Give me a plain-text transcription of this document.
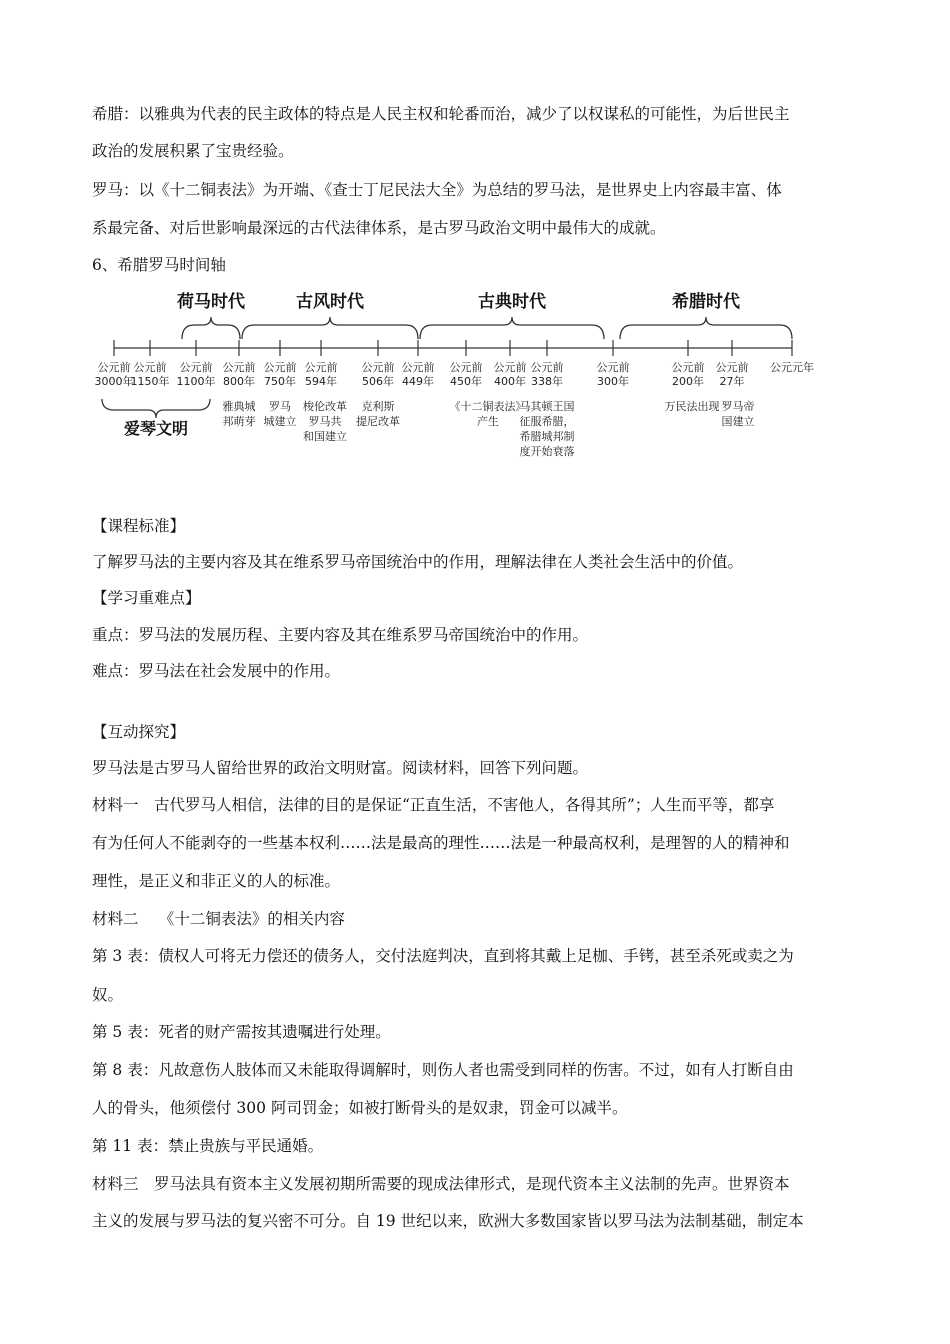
希腊：以雅典为代表的民主政体的特点是人民主权和轮番而治，减少了以权谋私的可能性，为后世民主
政治的发展积累了宝贵经验。
罗马：以《十二铜表法》为开端、《查士丁尼民法大全》为总结的罗马法，是世界史上内容最丰富、体
系最完备、对后世影响最深远的古代法律体系，是古罗马政治文明中最伟大的成就。
6、希腊罗马时间轴
荷马时代	古风时代	古典时代	希腊时代
公元前
3000年
公元前
1150年
公元前
1100年
公元前
800年
公元前
750年
公元前
594年
公元前
506年
公元前
449年
公元前
450年
公元前
400年
公元前
338年
公元前
300年
公元前
200年
公元前
27年
公元元年
爱琴文明
雅典城
邦萌芽
罗马
城建立
梭伦改革
罗马共
和国建立
克利斯
提尼改革
《十二铜表法》
产生
马其顿王国
征服希腊，
希腊城邦制
度开始衰落
万民法出现 罗马帝
国建立
【课程标准】
了解罗马法的主要内容及其在维系罗马帝国统治中的作用，理解法律在人类社会生活中的价值。
【学习重难点】
重点：罗马法的发展历程、主要内容及其在维系罗马帝国统治中的作用。
难点：罗马法在社会发展中的作用。
【互动探究】
罗马法是古罗马人留给世界的政治文明财富。阅读材料，回答下列问题。
材料一　古代罗马人相信，法律的目的是保证“正直生活，不害他人，各得其所”；人生而平等，都享
有为任何人不能剥夺的一些基本权利……法是最高的理性……法是一种最高权利，是理智的人的精神和
理性，是正义和非正义的人的标准。
材料二　 《十二铜表法》的相关内容
第 3 表：债权人可将无力偿还的债务人，交付法庭判决，直到将其戴上足枷、手铐，甚至杀死或卖之为
奴。
第 5 表：死者的财产需按其遗嘱进行处理。
第 8 表：凡故意伤人肢体而又未能取得调解时，则伤人者也需受到同样的伤害。不过，如有人打断自由
人的骨头，他须偿付 300 阿司罚金；如被打断骨头的是奴隶，罚金可以减半。
第 11 表：禁止贵族与平民通婚。
材料三　罗马法具有资本主义发展初期所需要的现成法律形式，是现代资本主义法制的先声。世界资本
主义的发展与罗马法的复兴密不可分。自 19 世纪以来，欧洲大多数国家皆以罗马法为法制基础，制定本
